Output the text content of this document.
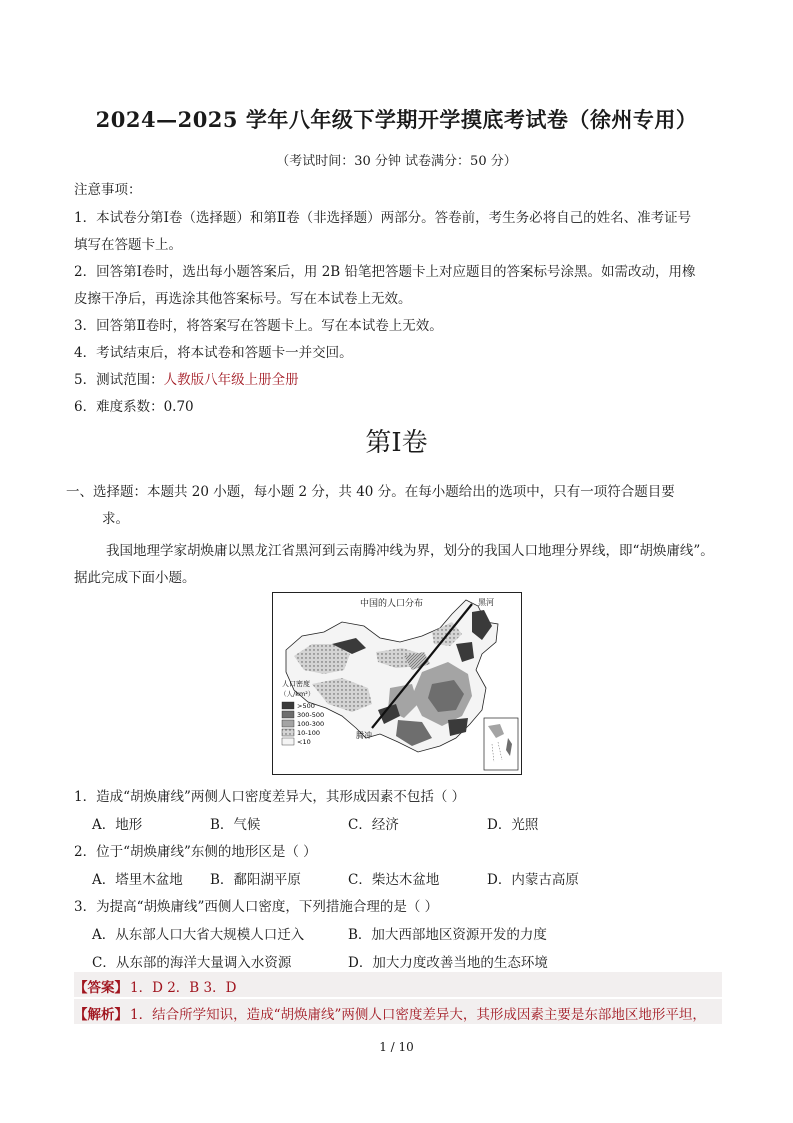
2024—2025 学年八年级下学期开学摸底考试卷（徐州专用）
（考试时间：30 分钟 试卷满分：50 分）
注意事项：
1．本试卷分第Ⅰ卷（选择题）和第Ⅱ卷（非选择题）两部分。答卷前，考生务必将自己的姓名、准考证号
填写在答题卡上。
2．回答第Ⅰ卷时，选出每小题答案后，用 2B 铅笔把答题卡上对应题目的答案标号涂黑。如需改动，用橡
皮擦干净后，再选涂其他答案标号。写在本试卷上无效。
3．回答第Ⅱ卷时，将答案写在答题卡上。写在本试卷上无效。
4．考试结束后，将本试卷和答题卡一并交回。
5．测试范围：人教版八年级上册全册
6．难度系数：0.70
第Ⅰ卷
一、选择题：本题共 20 小题，每小题 2 分，共 40 分。在每小题给出的选项中，只有一项符合题目要
求。
我国地理学家胡焕庸以黑龙江省黑河到云南腾冲线为界，划分的我国人口地理分界线，即“胡焕庸线”。
据此完成下面小题。
中国的人口分布	黑河
腾冲
人口密度
（人/km²）
>500
300-500
100-300
10-100
<10
1．造成“胡焕庸线”两侧人口密度差异大，其形成因素不包括（ ）
A．地形	B．气候	C．经济	D．光照
2．位于“胡焕庸线”东侧的地形区是（ ）
A．塔里木盆地 B．鄱阳湖平原	C．柴达木盆地	D．内蒙古高原
3．为提高“胡焕庸线”西侧人口密度，下列措施合理的是（ ）
A．从东部人口大省大规模人口迁入	B．加大西部地区资源开发的力度
C．从东部的海洋大量调入水资源	D．加大力度改善当地的生态环境
【答案】 1．D 2．B 3．D
【解析】 1．结合所学知识，造成“胡焕庸线”两侧人口密度差异大，其形成因素主要是东部地区地形平坦，
1 / 10
